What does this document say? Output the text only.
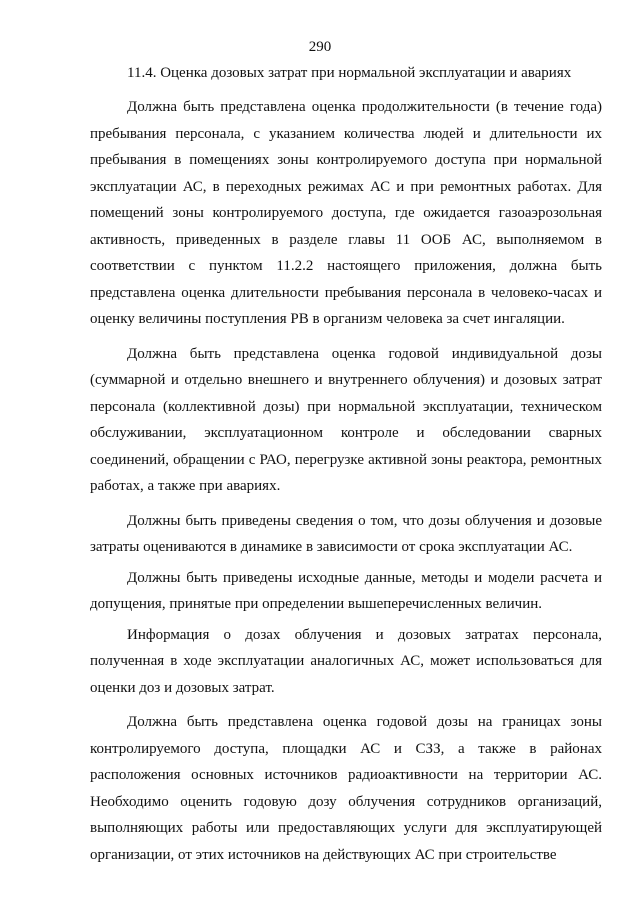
290
11.4. Оценка дозовых затрат при нормальной эксплуатации и авариях

Должна быть представлена оценка продолжительности (в течение года) пребывания персонала, с указанием количества людей и длительности их пребывания в помещениях зоны контролируемого доступа при нормальной эксплуатации АС, в переходных режимах АС и при ремонтных работах. Для помещений зоны контролируемого доступа, где ожидается газоаэрозольная активность, приведенных в разделе главы 11 ООБ АС, выполняемом в соответствии с пунктом 11.2.2 настоящего приложения, должна быть представлена оценка длительности пребывания персонала в человеко-часах и оценку величины поступления РВ в организм человека за счет ингаляции.

Должна быть представлена оценка годовой индивидуальной дозы (суммарной и отдельно внешнего и внутреннего облучения) и дозовых затрат персонала (коллективной дозы) при нормальной эксплуатации, техническом обслуживании, эксплуатационном контроле и обследовании сварных соединений, обращении с РАО, перегрузке активной зоны реактора, ремонтных работах, а также при авариях.

Должны быть приведены сведения о том, что дозы облучения и дозовые затраты оцениваются в динамике в зависимости от срока эксплуатации АС.

Должны быть приведены исходные данные, методы и модели расчета и допущения, принятые при определении вышеперечисленных величин.

Информация о дозах облучения и дозовых затратах персонала, полученная в ходе эксплуатации аналогичных АС, может использоваться для оценки доз и дозовых затрат.

Должна быть представлена оценка годовой дозы на границах зоны контролируемого доступа, площадки АС и СЗЗ, а также в районах расположения основных источников радиоактивности на территории АС. Необходимо оценить годовую дозу облучения сотрудников организаций, выполняющих работы или предоставляющих услуги для эксплуатирующей организации, от этих источников на действующих АС при строительстве
